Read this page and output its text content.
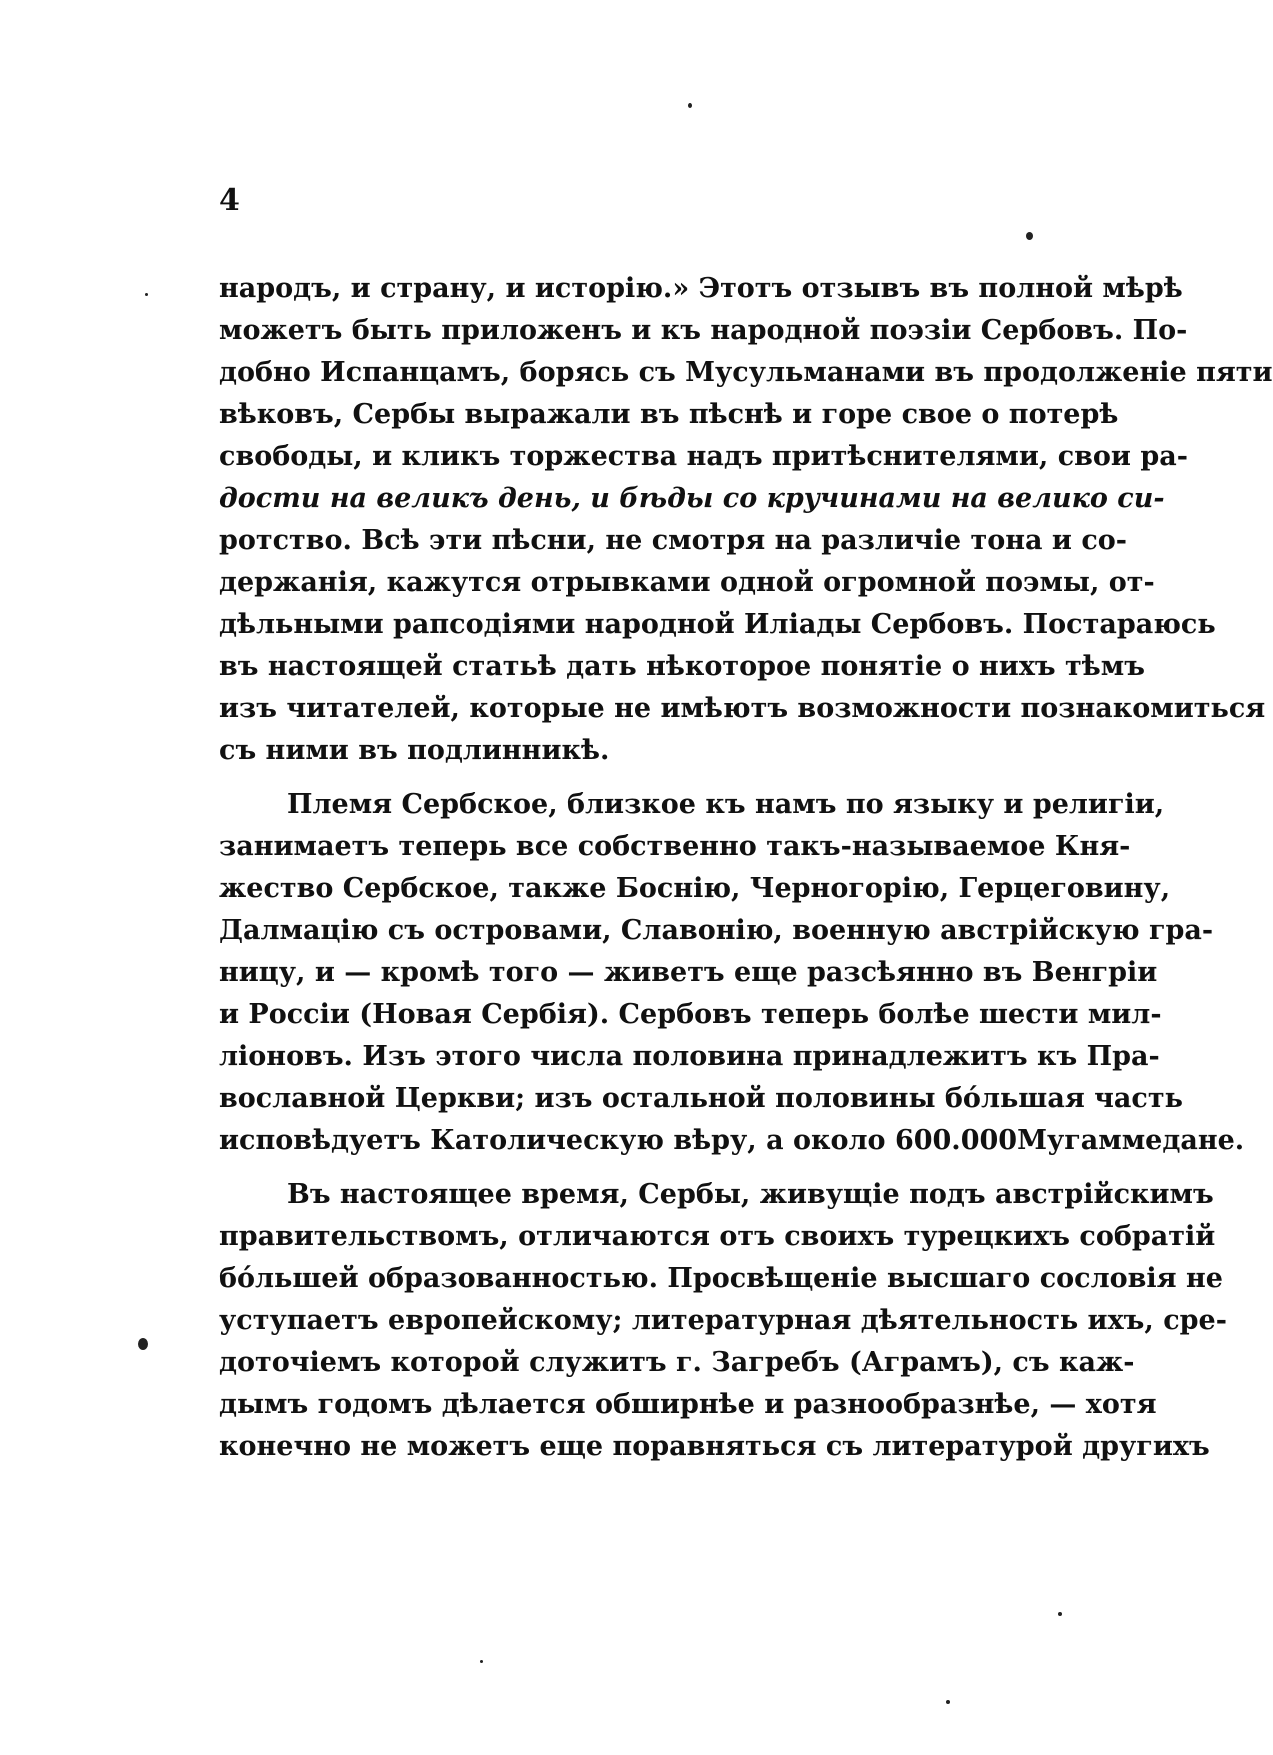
4
народъ, и страну, и исторію.» Этотъ отзывъ въ полной мѣрѣ
можетъ быть приложенъ и къ народной поэзіи Сербовъ. По-
добно Испанцамъ, борясь съ Мусульманами въ продолженіе пяти
вѣковъ, Сербы выражали въ пѣснѣ и горе свое о потерѣ
свободы, и кликъ торжества надъ притѣснителями, свои ра-
дости на великъ день, и бѣды со кручинами на велико си-
ротство. Всѣ эти пѣсни, не смотря на различіе тона и со-
держанія, кажутся отрывками одной огромной поэмы, от-
дѣльными рапсодіями народной Иліады Сербовъ. Постараюсь
въ настоящей статьѣ дать нѣкоторое понятіе о нихъ тѣмъ
изъ читателей, которые не имѣютъ возможности познакомиться
съ ними въ подлинникѣ.
Племя Сербское, близкое къ намъ по языку и религіи,
занимаетъ теперь все собственно такъ-называемое Кня-
жество Сербское, также Боснію, Черногорію, Герцеговину,
Далмацію съ островами, Славонію, военную австрійскую гра-
ницу, и — кромѣ того — живетъ еще разсѣянно въ Венгріи
и Россіи (Новая Сербія). Сербовъ теперь болѣе шести мил-
ліоновъ. Изъ этого числа половина принадлежитъ къ Пра-
вославной Церкви; изъ остальной половины бóльшая часть
исповѣдуетъ Католическую вѣру, а около 600.000Мугаммедане.
Въ настоящее время, Сербы, живущіе подъ австрійскимъ
правительствомъ, отличаются отъ своихъ турецкихъ собратій
бóльшей образованностью. Просвѣщеніе высшаго сословія не
уступаетъ европейскому; литературная дѣятельность ихъ, сре-
доточіемъ которой служитъ г. Загребъ (Аграмъ), съ каж-
дымъ годомъ дѣлается обширнѣе и разнообразнѣе, — хотя
конечно не можетъ еще поравняться съ литературой другихъ
